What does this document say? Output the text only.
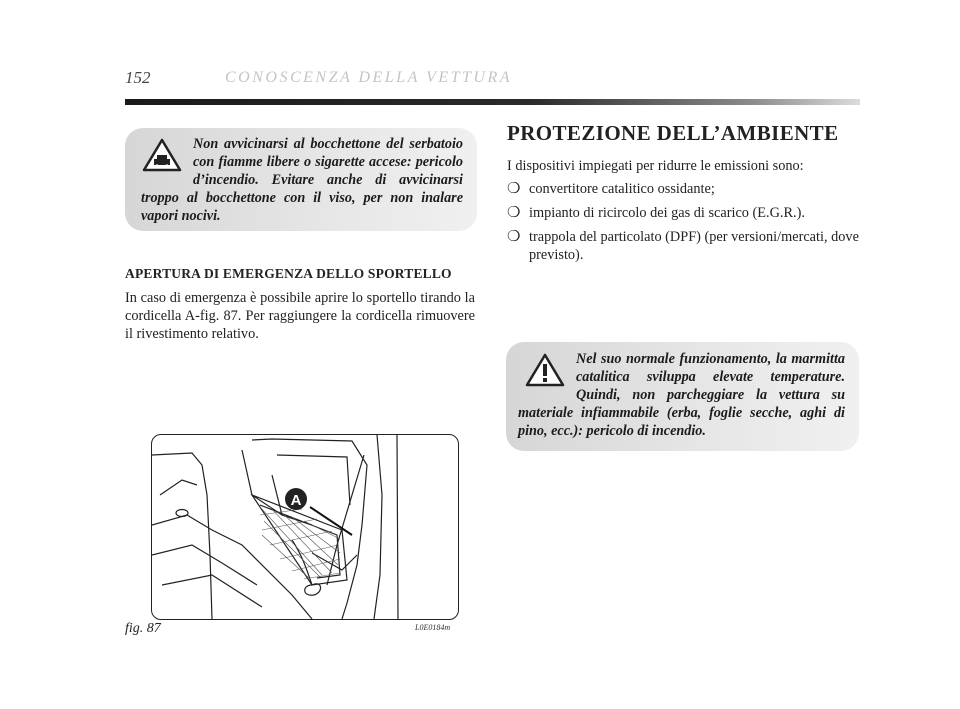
152	CONOSCENZA DELLA VETTURA

Non avvicinarsi al bocchettone del serbatoio con fiamme libere o sigarette accese: pericolo d’incendio. Evitare anche di avvicinarsi troppo al bocchettone con il viso, per non inalare vapori nocivi.

APERTURA DI EMERGENZA DELLO SPORTELLO

In caso di emergenza è possibile aprire lo sportello tirando la cordicella A-fig. 87. Per raggiungere la cordicella rimuovere il rivestimento relativo.

A
fig. 87	L0E0184m
PROTEZIONE DELL’AMBIENTE

I dispositivi impiegati per ridurre le emissioni sono:

❍ convertitore catalitico ossidante;
❍ impianto di ricircolo dei gas di scarico (E.G.R.).
❍ trappola del particolato (DPF) (per versioni/mercati, dove previsto).

Nel suo normale funzionamento, la marmitta catalitica sviluppa elevate temperature. Quindi, non parcheggiare la vettura su materiale infiammabile (erba, foglie secche, aghi di pino, ecc.): pericolo di incendio.
